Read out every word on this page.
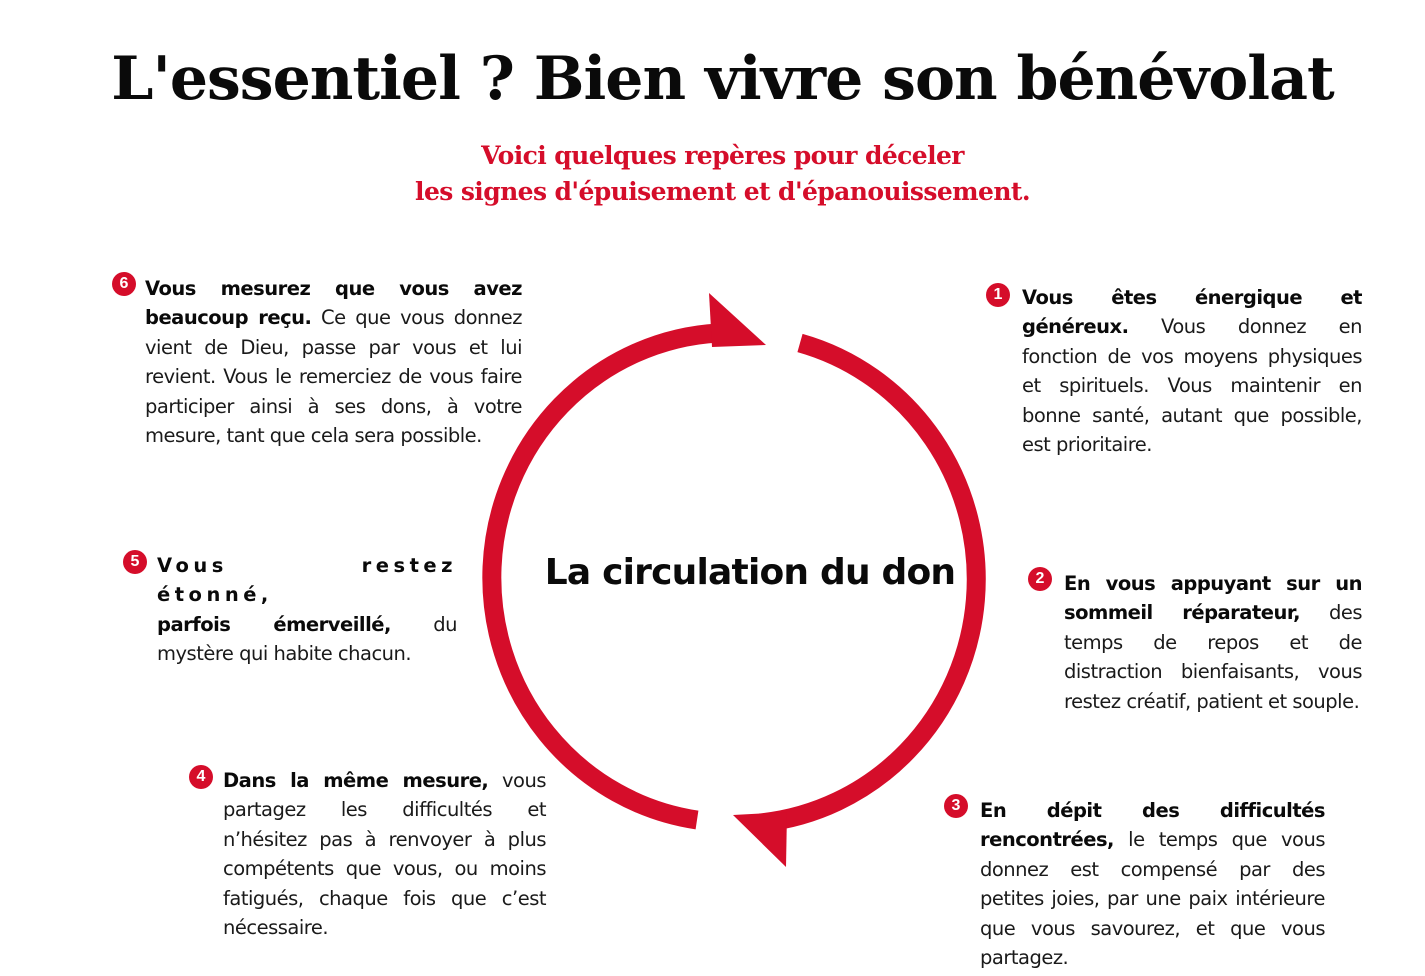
L'essentiel ? Bien vivre son bénévolat
Voici quelques repères pour déceler
les signes d'épuisement et d'épanouissement.
La circulation du don
1	Vous êtes énergique et généreux. Vous donnez en fonction de vos moyens physiques et spirituels. Vous maintenir en bonne santé, autant que possible, est prioritaire.
2	En vous appuyant sur un sommeil réparateur, des temps de repos et de distraction bienfaisants, vous restez créatif, patient et souple.
3	En dépit des difficultés rencontrées, le temps que vous donnez est compensé par des petites joies, par une paix intérieure que vous savourez, et que vous partagez.
4 Dans la même mesure, vous partagez les difficultés et n’hésitez pas à renvoyer à plus compétents que vous, ou moins fatigués, chaque fois que c’est nécessaire.
5 Vous restez étonné,
parfois émerveillé, du mystère qui habite chacun.
6 Vous mesurez que vous avez beaucoup reçu. Ce que vous donnez vient de Dieu, passe par vous et lui revient. Vous le remerciez de vous faire participer ainsi à ses dons, à votre mesure, tant que cela sera possible.
